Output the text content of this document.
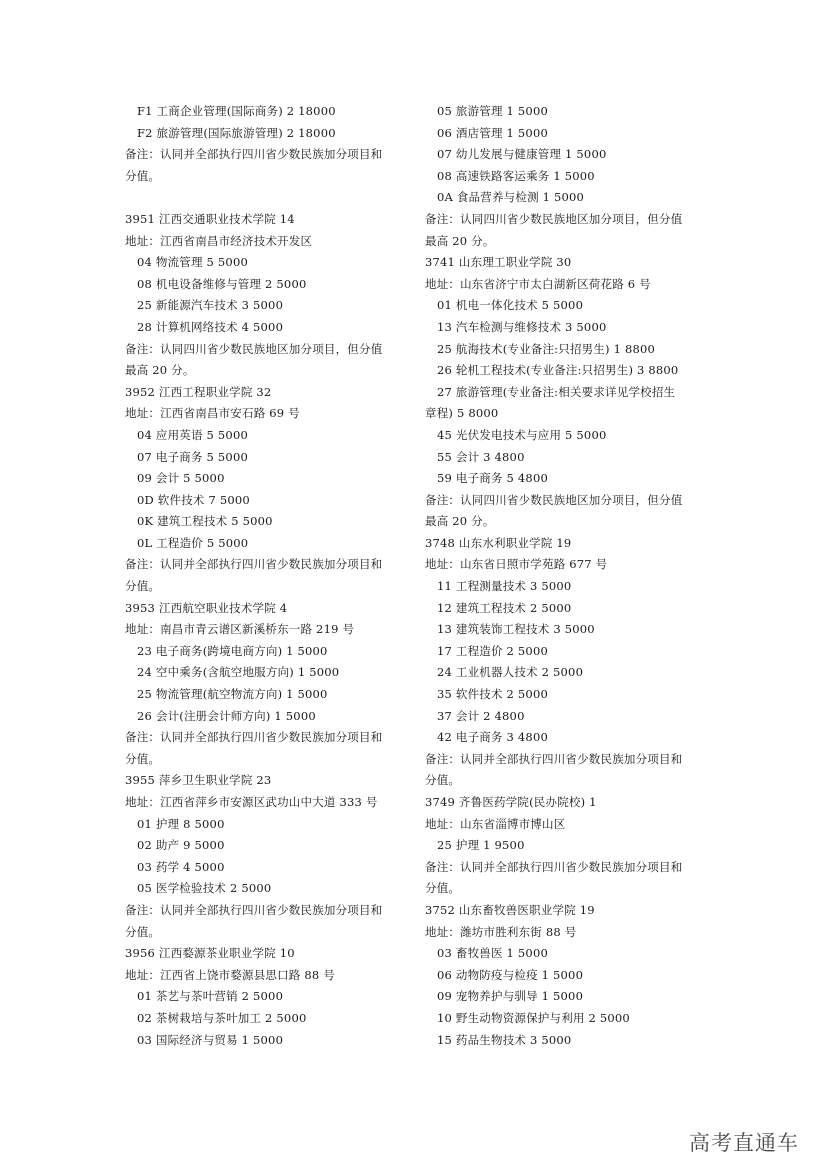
F1 工商企业管理(国际商务) 2 18000
F2 旅游管理(国际旅游管理) 2 18000
备注：认同并全部执行四川省少数民族加分项目和
分值。
3951 江西交通职业技术学院 14
地址：江西省南昌市经济技术开发区
04 物流管理 5 5000
08 机电设备维修与管理 2 5000
25 新能源汽车技术 3 5000
28 计算机网络技术 4 5000
备注：认同四川省少数民族地区加分项目，但分值
最高 20 分。
3952 江西工程职业学院 32
地址：江西省南昌市安石路 69 号
04 应用英语 5 5000
07 电子商务 5 5000
09 会计 5 5000
0D 软件技术 7 5000
0K 建筑工程技术 5 5000
0L 工程造价 5 5000
备注：认同并全部执行四川省少数民族加分项目和
分值。
3953 江西航空职业技术学院 4
地址：南昌市青云谱区新溪桥东一路 219 号
23 电子商务(跨境电商方向) 1 5000
24 空中乘务(含航空地服方向) 1 5000
25 物流管理(航空物流方向) 1 5000
26 会计(注册会计师方向) 1 5000
备注：认同并全部执行四川省少数民族加分项目和
分值。
3955 萍乡卫生职业学院 23
地址：江西省萍乡市安源区武功山中大道 333 号
01 护理 8 5000
02 助产 9 5000
03 药学 4 5000
05 医学检验技术 2 5000
备注：认同并全部执行四川省少数民族加分项目和
分值。
3956 江西婺源茶业职业学院 10
地址：江西省上饶市婺源县思口路 88 号
01 茶艺与茶叶营销 2 5000
02 茶树栽培与茶叶加工 2 5000
03 国际经济与贸易 1 5000
05 旅游管理 1 5000
06 酒店管理 1 5000
07 幼儿发展与健康管理 1 5000
08 高速铁路客运乘务 1 5000
0A 食品营养与检测 1 5000
备注：认同四川省少数民族地区加分项目，但分值
最高 20 分。
3741 山东理工职业学院 30
地址：山东省济宁市太白湖新区荷花路 6 号
01 机电一体化技术 5 5000
13 汽车检测与维修技术 3 5000
25 航海技术(专业备注:只招男生) 1 8800
26 轮机工程技术(专业备注:只招男生) 3 8800
27 旅游管理(专业备注:相关要求详见学校招生
章程) 5 8000
45 光伏发电技术与应用 5 5000
55 会计 3 4800
59 电子商务 5 4800
备注：认同四川省少数民族地区加分项目，但分值
最高 20 分。
3748 山东水利职业学院 19
地址：山东省日照市学苑路 677 号
11 工程测量技术 3 5000
12 建筑工程技术 2 5000
13 建筑装饰工程技术 3 5000
17 工程造价 2 5000
24 工业机器人技术 2 5000
35 软件技术 2 5000
37 会计 2 4800
42 电子商务 3 4800
备注：认同并全部执行四川省少数民族加分项目和
分值。
3749 齐鲁医药学院(民办院校) 1
地址：山东省淄博市博山区
25 护理 1 9500
备注：认同并全部执行四川省少数民族加分项目和
分值。
3752 山东畜牧兽医职业学院 19
地址：潍坊市胜利东街 88 号
03 畜牧兽医 1 5000
06 动物防疫与检疫 1 5000
09 宠物养护与驯导 1 5000
10 野生动物资源保护与利用 2 5000
15 药品生物技术 3 5000
高考直通车
